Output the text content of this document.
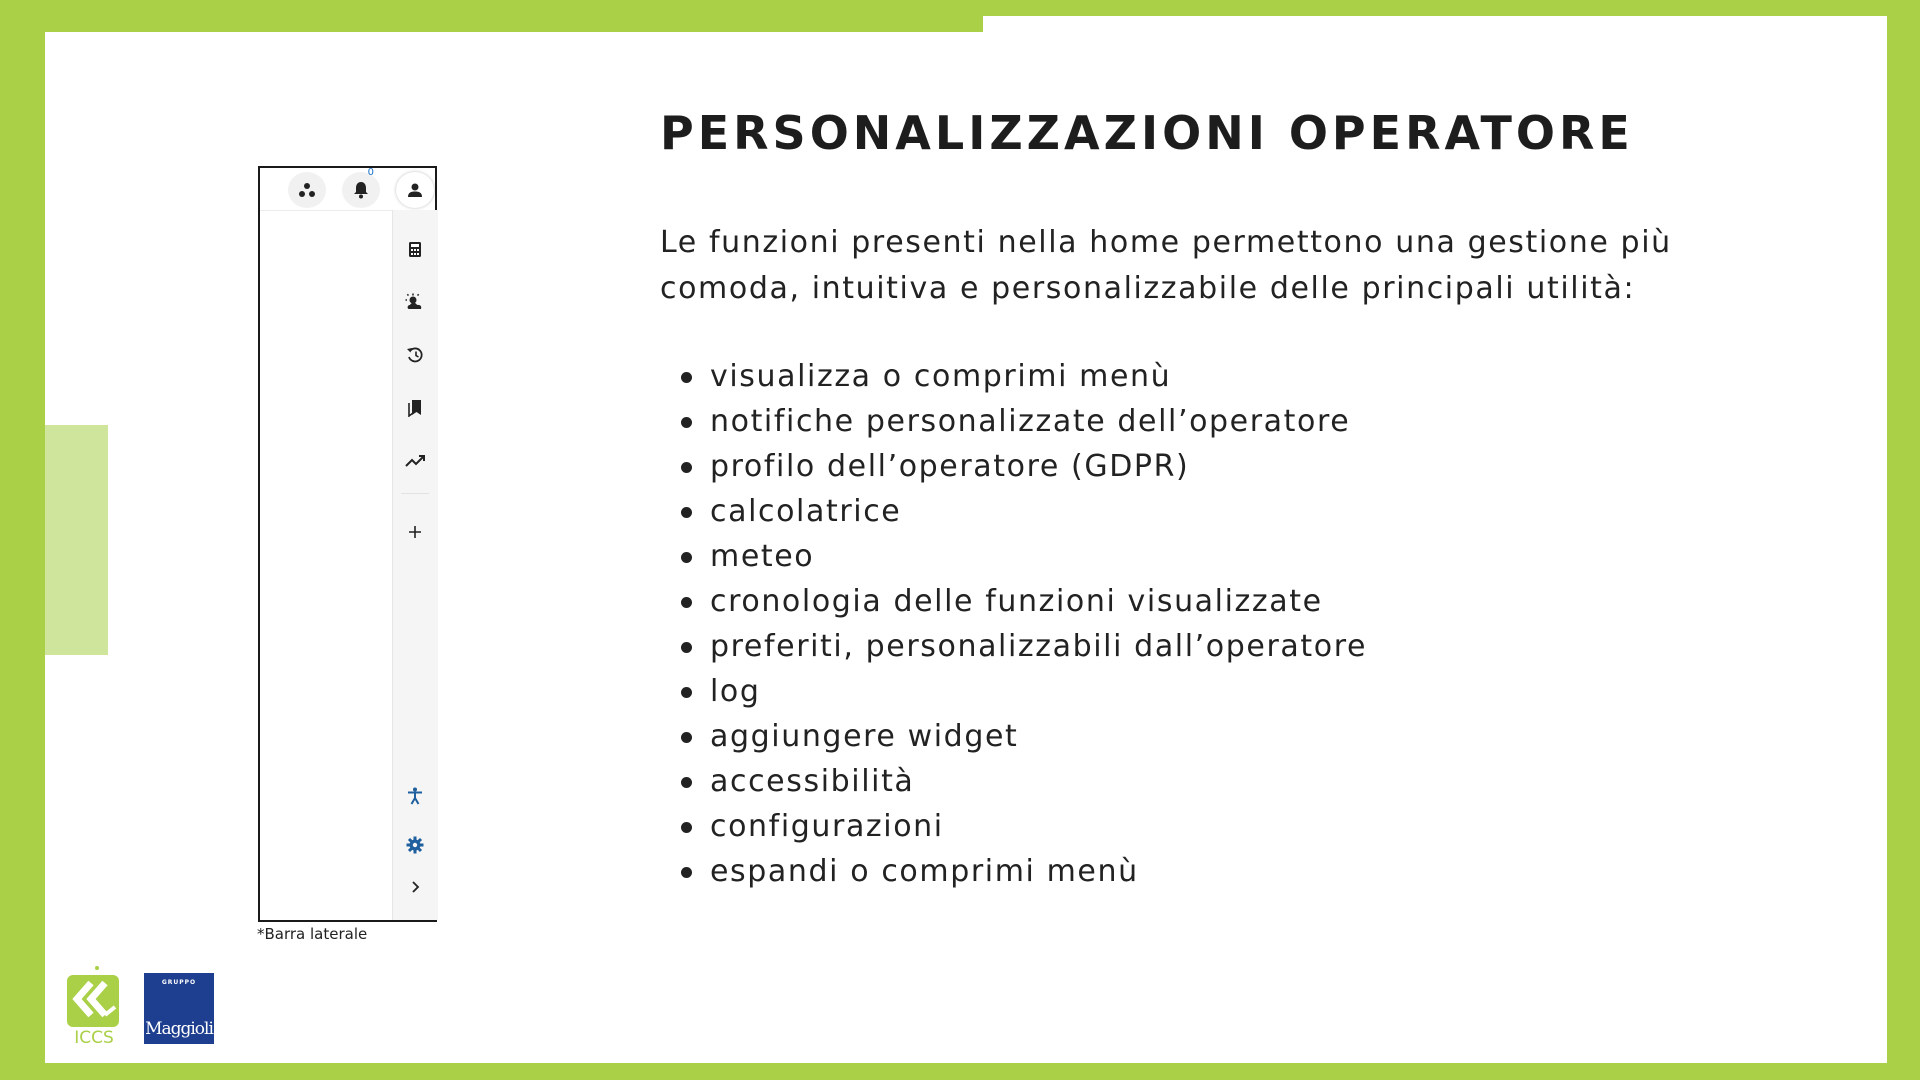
PERSONALIZZAZIONI OPERATORE
Le funzioni presenti nella home permettono una gestione più comoda, intuitiva e personalizzabile delle principali utilità:
visualizza o comprimi menù
notifiche personalizzate dell’operatore
profilo dell’operatore (GDPR)
calcolatrice
meteo
cronologia delle funzioni visualizzate
preferiti, personalizzabili dall’operatore
log
aggiungere widget
accessibilità
configurazioni
espandi o comprimi menù
0
*Barra laterale
ICCS
GRUPPO
Maggioli
